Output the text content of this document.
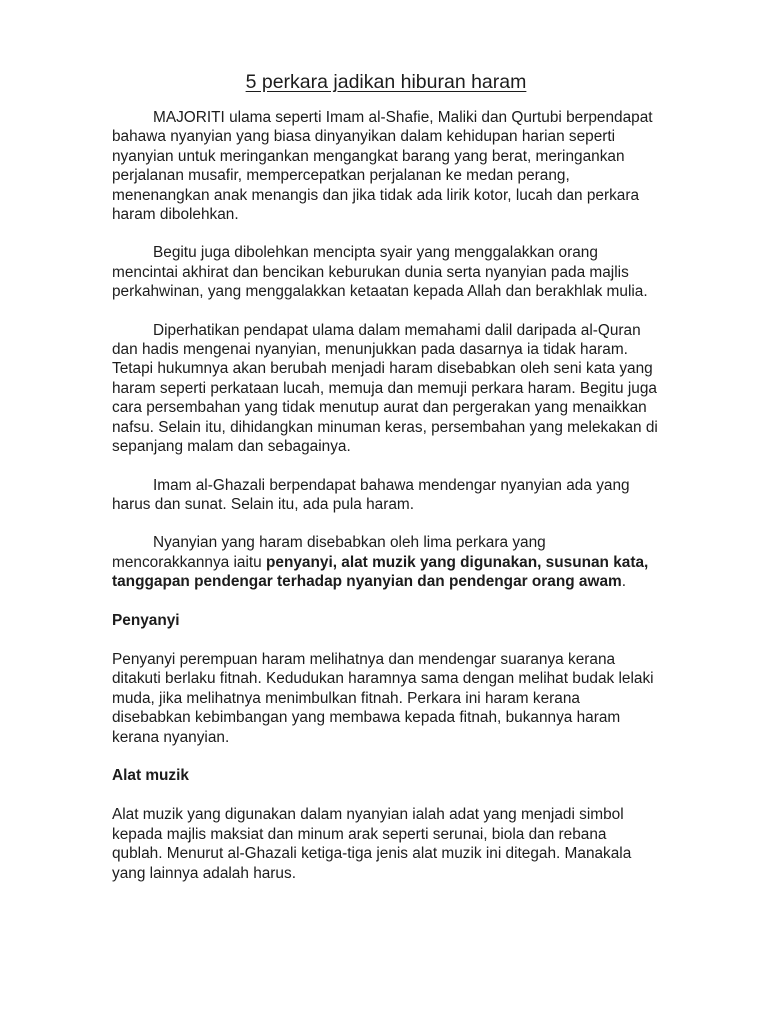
5 perkara jadikan hiburan haram

MAJORITI ulama seperti Imam al-Shafie, Maliki dan Qurtubi berpendapat bahawa nyanyian yang biasa dinyanyikan dalam kehidupan harian seperti nyanyian untuk meringankan mengangkat barang yang berat, meringankan perjalanan musafir, mempercepatkan perjalanan ke medan perang, menenangkan anak menangis dan jika tidak ada lirik kotor, lucah dan perkara haram dibolehkan.

Begitu juga dibolehkan mencipta syair yang menggalakkan orang mencintai akhirat dan bencikan keburukan dunia serta nyanyian pada majlis perkahwinan, yang menggalakkan ketaatan kepada Allah dan berakhlak mulia.

Diperhatikan pendapat ulama dalam memahami dalil daripada al-Quran dan hadis mengenai nyanyian, menunjukkan pada dasarnya ia tidak haram. Tetapi hukumnya akan berubah menjadi haram disebabkan oleh seni kata yang haram seperti perkataan lucah, memuja dan memuji perkara haram. Begitu juga cara persembahan yang tidak menutup aurat dan pergerakan yang menaikkan nafsu. Selain itu, dihidangkan minuman keras, persembahan yang melekakan di sepanjang malam dan sebagainya.

Imam al-Ghazali berpendapat bahawa mendengar nyanyian ada yang harus dan sunat. Selain itu, ada pula haram.

Nyanyian yang haram disebabkan oleh lima perkara yang mencorakkannya iaitu penyanyi, alat muzik yang digunakan, susunan kata, tanggapan pendengar terhadap nyanyian dan pendengar orang awam.

Penyanyi

Penyanyi perempuan haram melihatnya dan mendengar suaranya kerana ditakuti berlaku fitnah. Kedudukan haramnya sama dengan melihat budak lelaki muda, jika melihatnya menimbulkan fitnah. Perkara ini haram kerana disebabkan kebimbangan yang membawa kepada fitnah, bukannya haram kerana nyanyian.

Alat muzik

Alat muzik yang digunakan dalam nyanyian ialah adat yang menjadi simbol kepada majlis maksiat dan minum arak seperti serunai, biola dan rebana qublah. Menurut al-Ghazali ketiga-tiga jenis alat muzik ini ditegah. Manakala yang lainnya adalah harus.
